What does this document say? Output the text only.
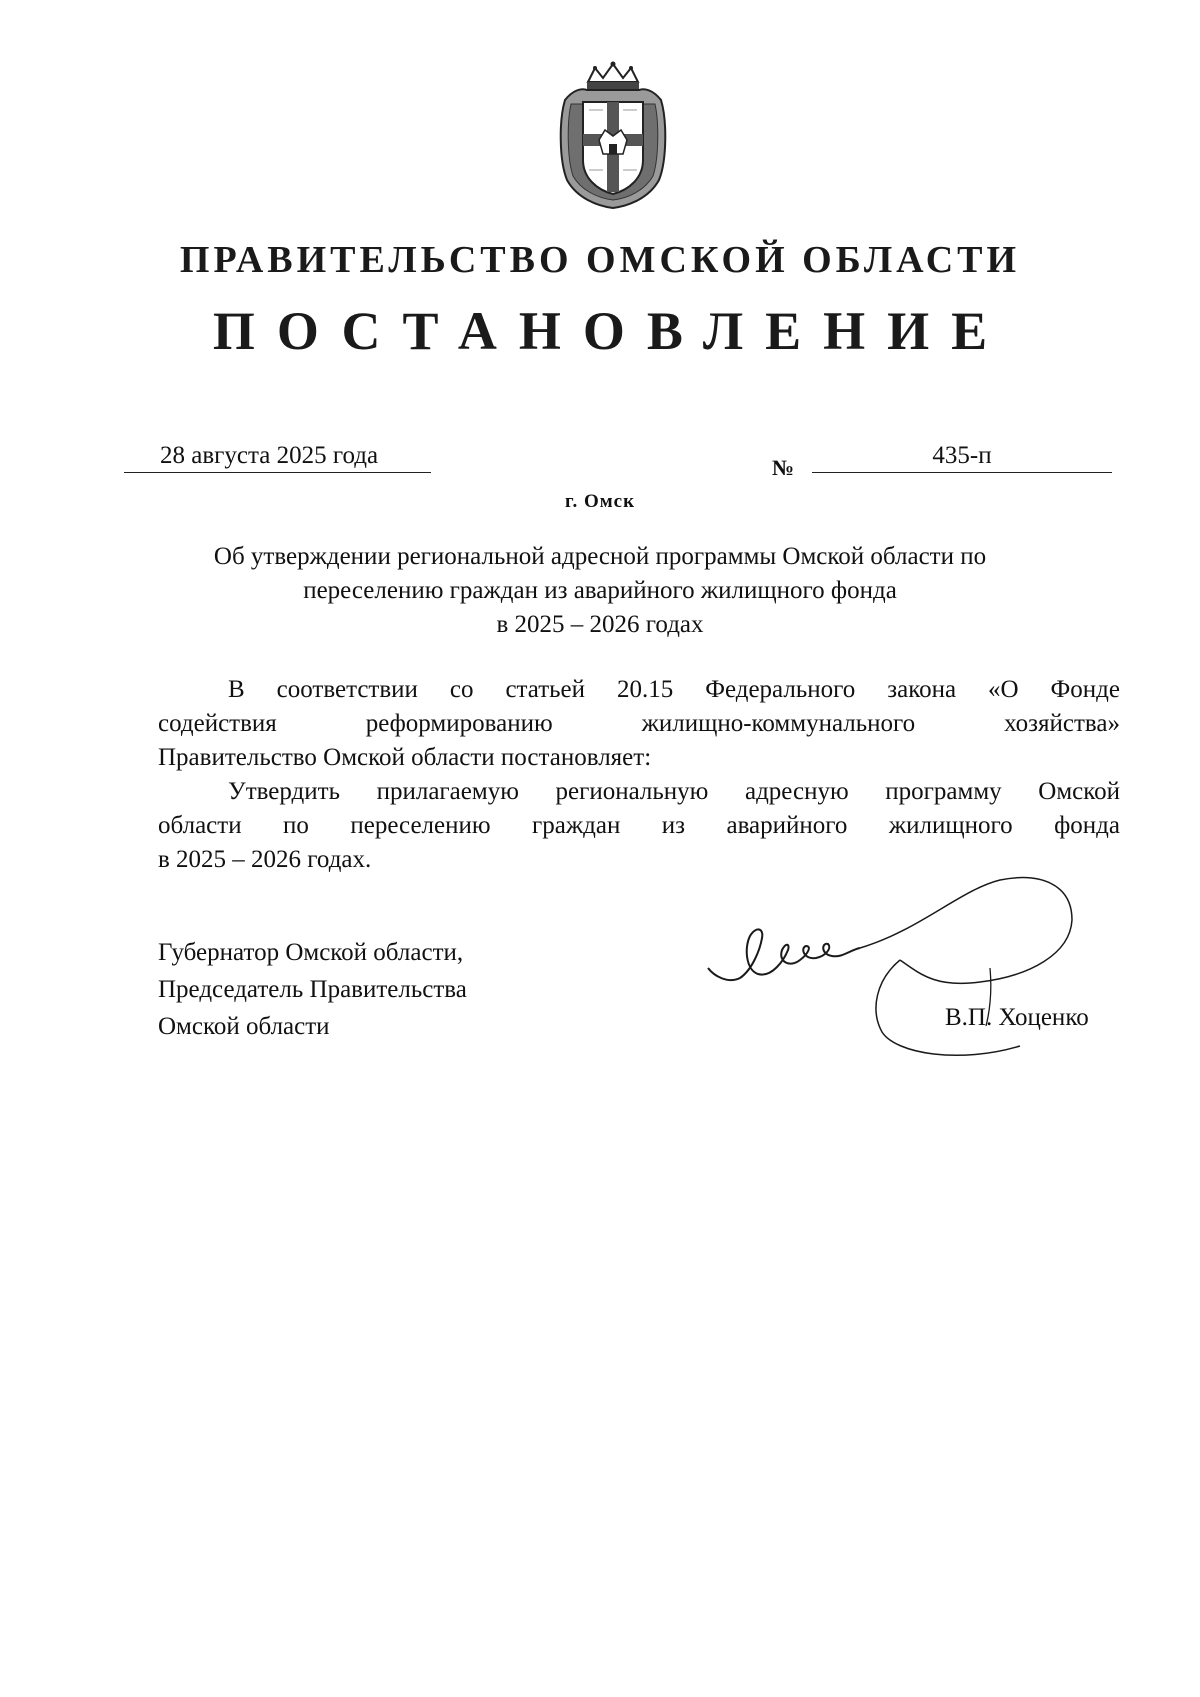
ПРАВИТЕЛЬСТВО ОМСКОЙ ОБЛАСТИ
ПОСТАНОВЛЕНИЕ
28 августа 2025 года	№	435-п
г. Омск
Об утверждении региональной адресной программы Омской области по
переселению граждан из аварийного жилищного фонда
в 2025 – 2026 годах
В соответствии со статьей 20.15 Федерального закона «О Фонде
содействия реформированию жилищно-коммунального хозяйства»
Правительство Омской области постановляет:
Утвердить прилагаемую региональную адресную программу Омской
области по переселению граждан из аварийного жилищного фонда
в 2025 – 2026 годах.
Губернатор Омской области,
Председатель Правительства
Омской области	В.П. Хоценко
